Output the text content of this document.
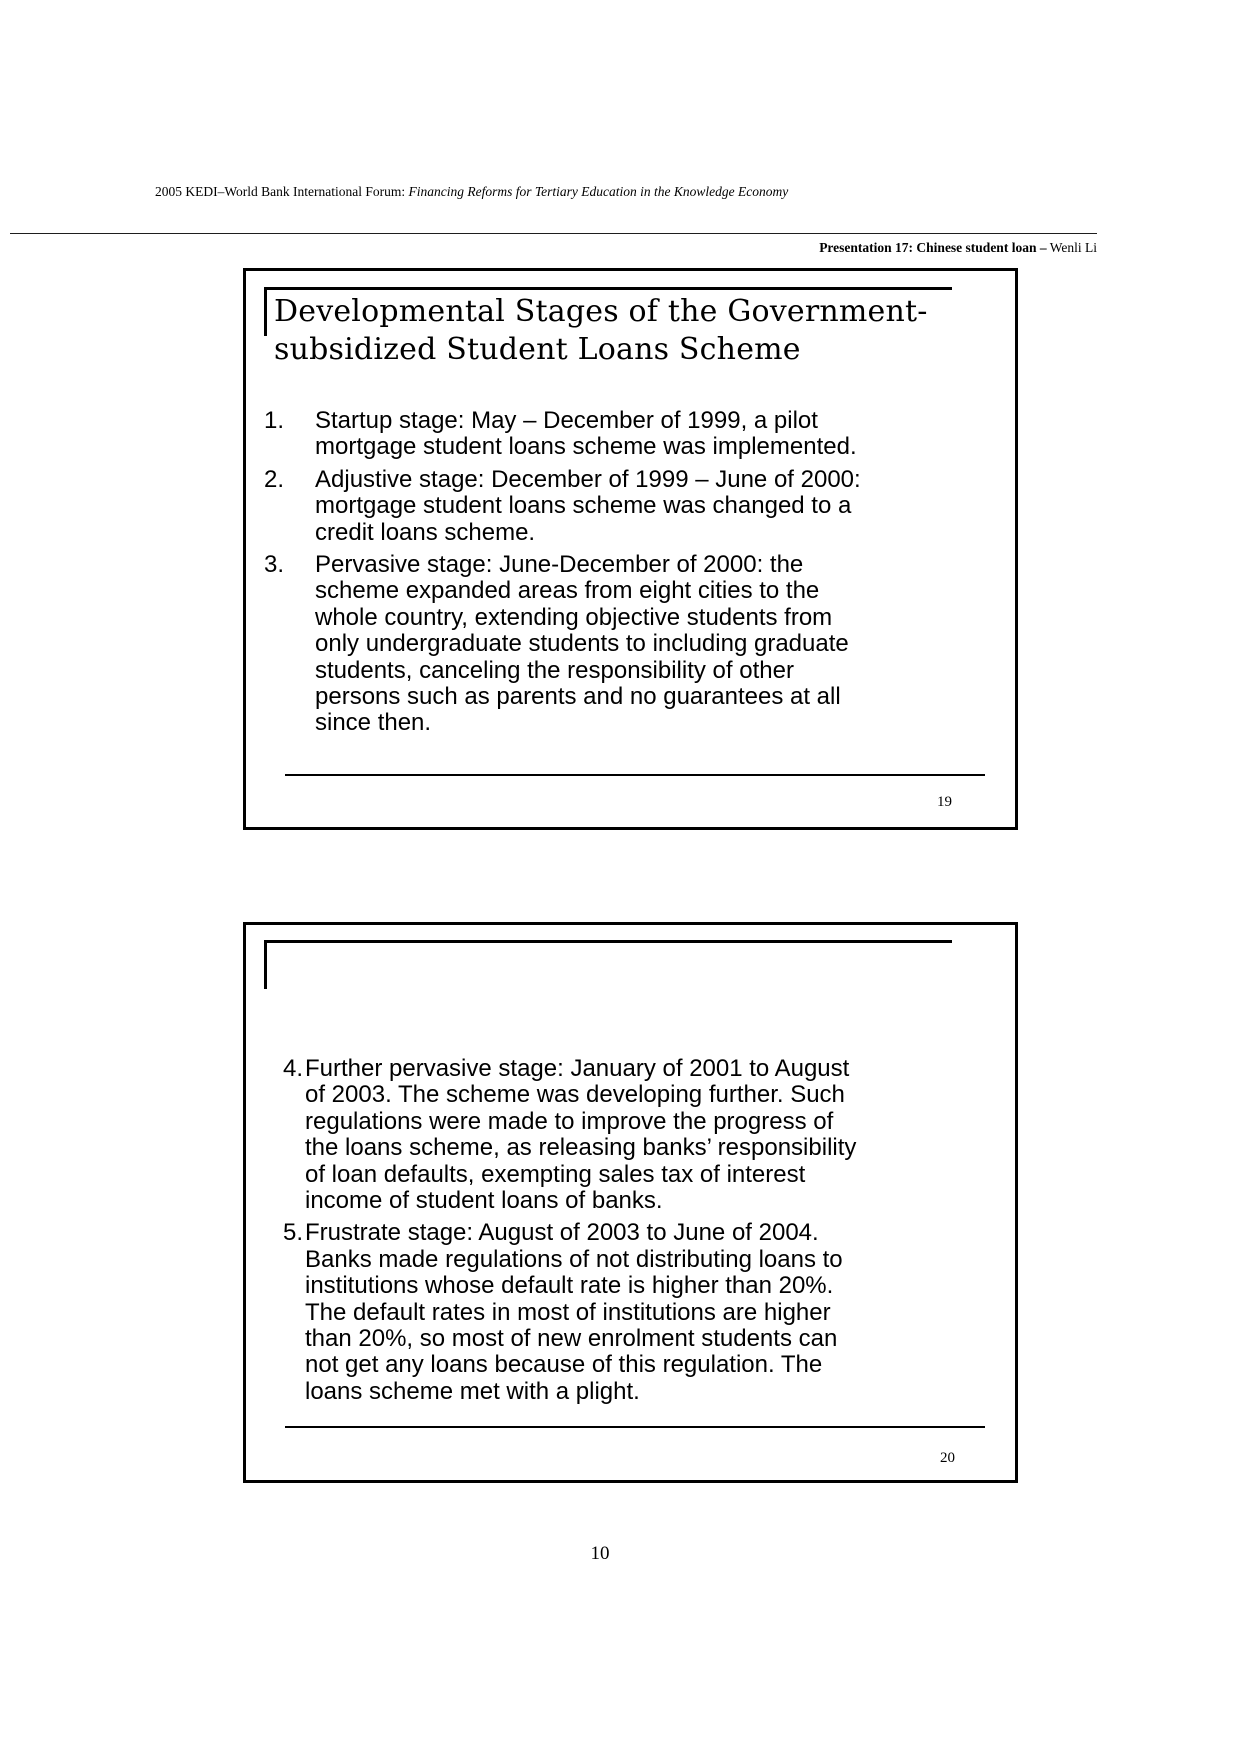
2005 KEDI–World Bank International Forum: Financing Reforms for Tertiary Education in the Knowledge Economy
Presentation 17: Chinese student loan – Wenli Li
Developmental Stages of the Government-
subsidized Student Loans Scheme
1. Startup stage: May – December of 1999, a pilot
mortgage student loans scheme was implemented.
2. Adjustive stage: December of 1999 – June of 2000:
mortgage student loans scheme was changed to a
credit loans scheme.
3. Pervasive stage: June-December of 2000: the
scheme expanded areas from eight cities to the
whole country, extending objective students from
only undergraduate students to including graduate
students, canceling the responsibility of other
persons such as parents and no guarantees at all
since then.
19
4. Further pervasive stage: January of 2001 to August
of 2003. The scheme was developing further. Such
regulations were made to improve the progress of
the loans scheme, as releasing banks’ responsibility
of loan defaults, exempting sales tax of interest
income of student loans of banks.
5. Frustrate stage: August of 2003 to June of 2004.
Banks made regulations of not distributing loans to
institutions whose default rate is higher than 20%.
The default rates in most of institutions are higher
than 20%, so most of new enrolment students can
not get any loans because of this regulation. The
loans scheme met with a plight.
20
10
